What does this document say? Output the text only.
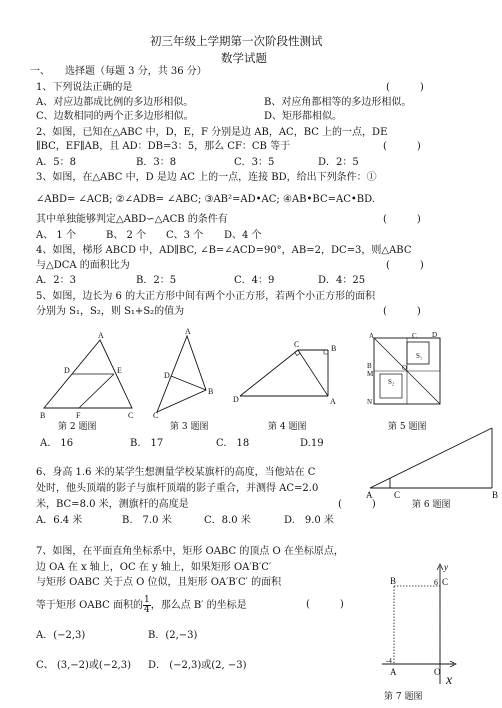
初三年级上学期第一次阶段性测试
数学试题
一、　　选择题（每题 3 分，共 36 分）
1、下列说法正确的是	(　　　)
A、对应边都成比例的多边形相似。	B、对应角都相等的多边形相似。
C、边数相同的两个正多边形相似。	D、矩形都相似。
2、如图，已知在△ABC 中，D，E，F 分别是边 AB，AC，BC 上的一点，DE
∥BC，EF∥AB，且 AD：DB=3：5，那么 CF：CB 等于	(　　　)
A．5：8	B．3：8	C．3：5	D．2：5
3、如图，在△ABC 中，D 是边 AC 上的一点，连接 BD，给出下列条件：①
∠ABD= ∠ACB; ②∠ADB= ∠ABC; ③AB²=AD•AC; ④AB•BC=AC•BD.
其中单独能够判定△ABD∽△ACB 的条件有	(　　　)
A、 1 个	B、 2 个 C、3 个 D、4 个
4、如图，梯形 ABCD 中，AD∥BC, ∠B=∠ACD=90°，AB=2，DC=3，则△ABC
与△DCA 的面积比为	(　　　)
A．2：3	B．2：5	C．4：9	D．4：25
5、如图，边长为 6 的大正方形中间有两个小正方形，若两个小正方形的面积
分别为 S₁，S₂，则 S₁+S₂的值为	(　　　)
A
D	E
B	F	C
第 2 题图
A
D
B
C
第 3 题图
C	B
D	A
第 4 题图
A	C D
S₁
B	O
M
S₂
N
第 5 题图
A.　16	B.　17	C.　18	D.19
A C	B
第 6 题图
6、身高 1.6 米的某学生想测量学校某旗杆的高度，当他站在 C
处时，他头顶端的影子与旗杆顶端的影子重合，并测得 AC=2.0
米，BC=8.0 米，测旗杆的高度是	(　　　)
A．6.4 米	B.　7.0 米	C．8.0 米	D.　9.0 米
7、如图，在平面直角坐标系中，矩形 OABC 的顶点 O 在坐标原点，
边 OA 在 x 轴上，OC 在 y 轴上，如果矩形 OA′B′C′
与矩形 OABC 关于点 O 位似，且矩形 OA′B′C′ 的面积
等于矩形 OABC 面积的 $\frac{1}{4}$ ，那么点 B′ 的坐标是	(　　　)
A．(−2,3)	B．(2,−3)
C、 (3,−2)或(−2,3) D． (−2,3)或(2, −3)
y
B	6 C
-4
A	O
x
第 7 题图
